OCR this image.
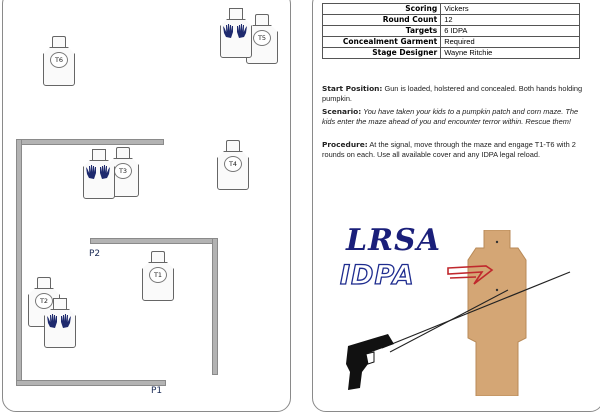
T6
T5
T4
T3
T1
T2
P2
P1
Scoring	Vickers
Round Count	12
Targets	6 IDPA
Concealment Garment	Required
Stage Designer	Wayne Ritchie
Start Position: Gun is loaded, holstered and concealed. Both hands holding pumpkin.
Scenario: You have taken your kids to a pumpkin patch and corn maze. The kids enter the maze ahead of you and encounter terror within. Rescue them!
Procedure: At the signal, move through the maze and engage T1-T6 with 2 rounds on each. Use all available cover and any IDPA legal reload.
LRSA
IDPA
